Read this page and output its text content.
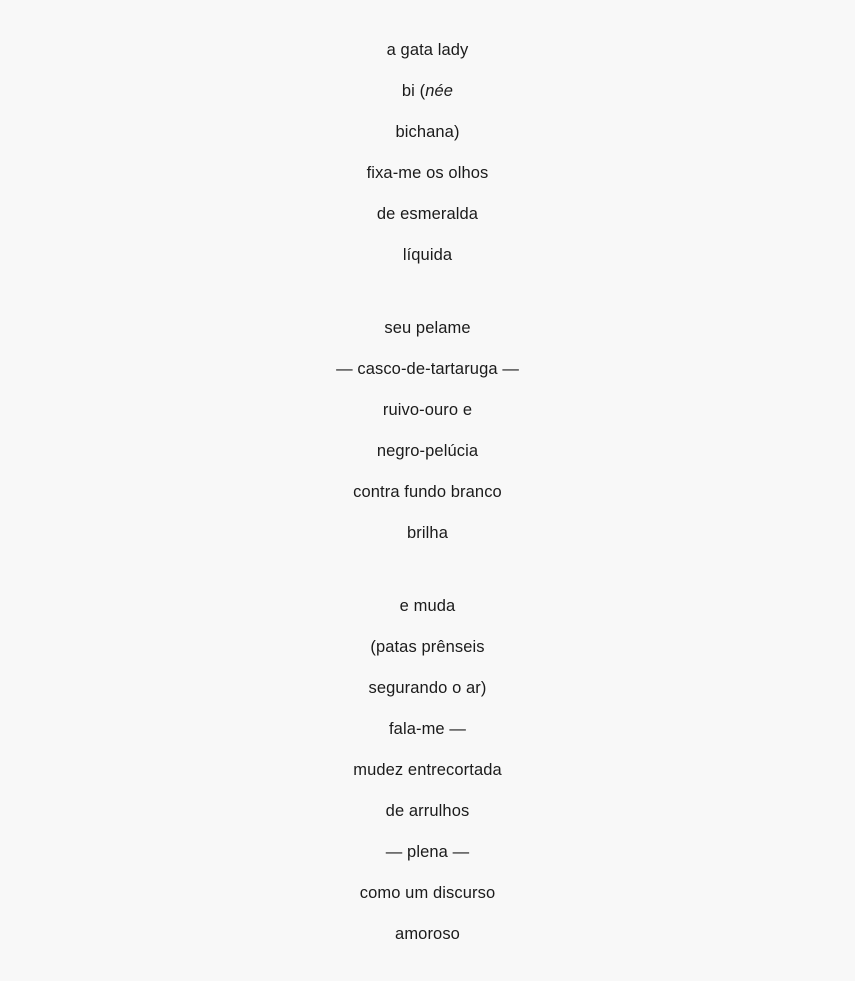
a gata lady
bi (née
bichana)
fixa-me os olhos
de esmeralda
líquida
seu pelame
— casco-de-tartaruga —
ruivo-ouro e
negro-pelúcia
contra fundo branco
brilha
e muda
(patas prênseis
segurando o ar)
fala-me —
mudez entrecortada
de arrulhos
— plena —
como um discurso
amoroso
